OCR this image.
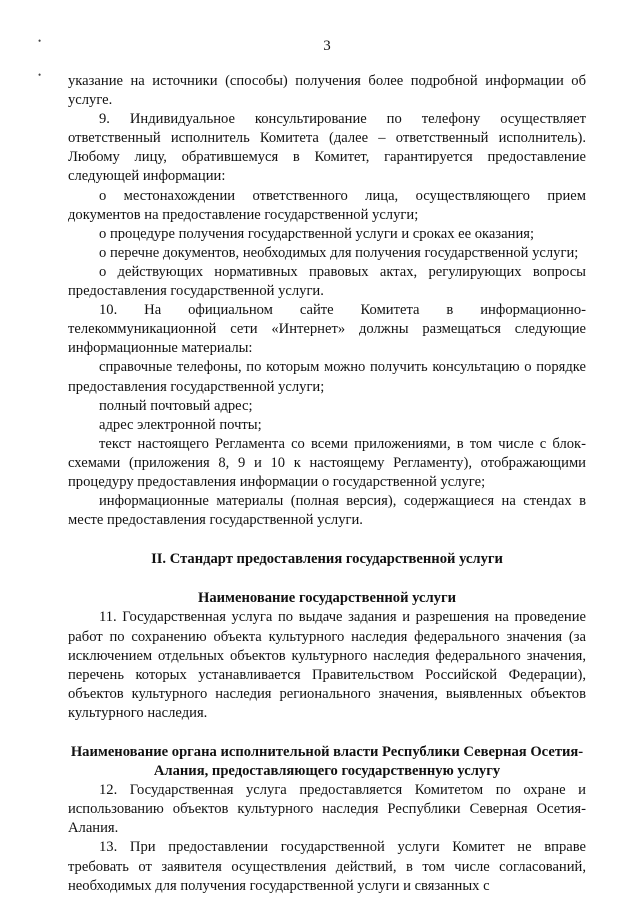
•
•
3

указание на источники (способы) получения более подробной информации об услуге.

9. Индивидуальное консультирование по телефону осуществляет ответственный исполнитель Комитета (далее – ответственный исполнитель). Любому лицу, обратившемуся в Комитет, гарантируется предоставление следующей информации:

о местонахождении ответственного лица, осуществляющего прием документов на предоставление государственной услуги;

о процедуре получения государственной услуги и сроках ее оказания;

о перечне документов, необходимых для получения государственной услуги;

о действующих нормативных правовых актах, регулирующих вопросы предоставления государственной услуги.

10. На официальном сайте Комитета в информационно-телекоммуникационной сети «Интернет» должны размещаться следующие информационные материалы:

справочные телефоны, по которым можно получить консультацию о порядке предоставления государственной услуги;

полный почтовый адрес;

адрес электронной почты;

текст настоящего Регламента со всеми приложениями, в том числе с блок-схемами (приложения 8, 9 и 10 к настоящему Регламенту), отображающими процедуру предоставления информации о государственной услуге;

информационные материалы (полная версия), содержащиеся на стендах в месте предоставления государственной услуги.

II. Стандарт предоставления государственной услуги
Наименование государственной услуги

11. Государственная услуга по выдаче задания и разрешения на проведение работ по сохранению объекта культурного наследия федерального значения (за исключением отдельных объектов культурного наследия федерального значения, перечень которых устанавливается Правительством Российской Федерации), объектов культурного наследия регионального значения, выявленных объектов культурного наследия.

Наименование органа исполнительной власти Республики Северная Осетия-Алания, предоставляющего государственную услугу

12. Государственная услуга предоставляется Комитетом по охране и использованию объектов культурного наследия Республики Северная Осетия-Алания.

13. При предоставлении государственной услуги Комитет не вправе требовать от заявителя осуществления действий, в том числе согласований, необходимых для получения государственной услуги и связанных с
